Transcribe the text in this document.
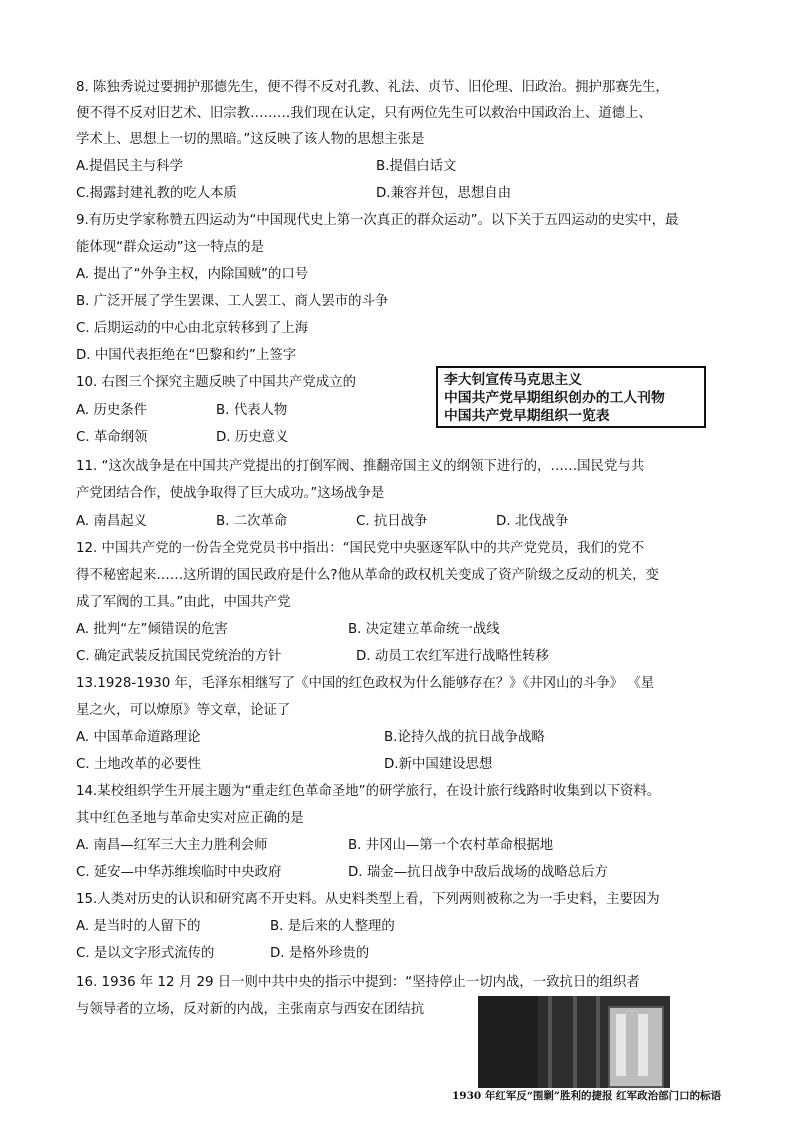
8. 陈独秀说过要拥护那德先生，便不得不反对孔教、礼法、贞节、旧伦理、旧政治。拥护那赛先生，
便不得不反对旧艺术、旧宗教………我们现在认定，只有两位先生可以救治中国政治上、道德上、
学术上、思想上一切的黑暗。”这反映了该人物的思想主张是
A.提倡民主与科学	B.提倡白话文
C.揭露封建礼教的吃人本质	D.兼容并包，思想自由
9.有历史学家称赞五四运动为“中国现代史上第一次真正的群众运动”。以下关于五四运动的史实中，最
能体现“群众运动”这一特点的是
A. 提出了“外争主权，内除国贼”的口号
B. 广泛开展了学生罢课、工人罢工、商人罢市的斗争
C. 后期运动的中心由北京转移到了上海
D. 中国代表拒绝在“巴黎和约”上签字
10. 右图三个探究主题反映了中国共产党成立的
A. 历史条件	B. 代表人物
C. 革命纲领	D. 历史意义
李大钊宣传马克思主义
中国共产党早期组织创办的工人刊物
中国共产党早期组织一览表
11. “这次战争是在中国共产党提出的打倒军阀、推翻帝国主义的纲领下进行的，……国民党与共
产党团结合作，使战争取得了巨大成功。”这场战争是
A. 南昌起义	B. 二次革命	C. 抗日战争	D. 北伐战争
12. 中国共产党的一份告全党党员书中指出：“国民党中央驱逐军队中的共产党党员，我们的党不
得不秘密起来……这所谓的国民政府是什么?他从革命的政权机关变成了资产阶级之反动的机关，变
成了军阀的工具。”由此，中国共产党
A. 批判“左”倾错误的危害	B. 决定建立革命统一战线
C. 确定武装反抗国民党统治的方针	D. 动员工农红军进行战略性转移
13.1928-1930 年，毛泽东相继写了《中国的红色政权为什么能够存在？》《井冈山的斗争》 《星
星之火，可以燎原》等文章，论证了
A. 中国革命道路理论	B.论持久战的抗日战争战略
C. 土地改革的必要性	D.新中国建设思想
14.某校组织学生开展主题为“重走红色革命圣地”的研学旅行，在设计旅行线路时收集到以下资料。
其中红色圣地与革命史实对应正确的是
A. 南昌—红军三大主力胜利会师	B. 井冈山—第一个农村革命根据地
C. 延安—中华苏维埃临时中央政府	D. 瑞金—抗日战争中敌后战场的战略总后方
15.人类对历史的认识和研究离不开史料。从史料类型上看，下列两则被称之为一手史料，主要因为
A. 是当时的人留下的	B. 是后来的人整理的
C. 是以文字形式流传的	D. 是格外珍贵的
16. 1936 年 12 月 29 日一则中共中央的指示中提到：“坚持停止一切内战，一致抗日的组织者
与领导者的立场，反对新的内战，主张南京与西安在团结抗
1930 年红军反“围剿”胜利的捷报 红军政治部门口的标语
